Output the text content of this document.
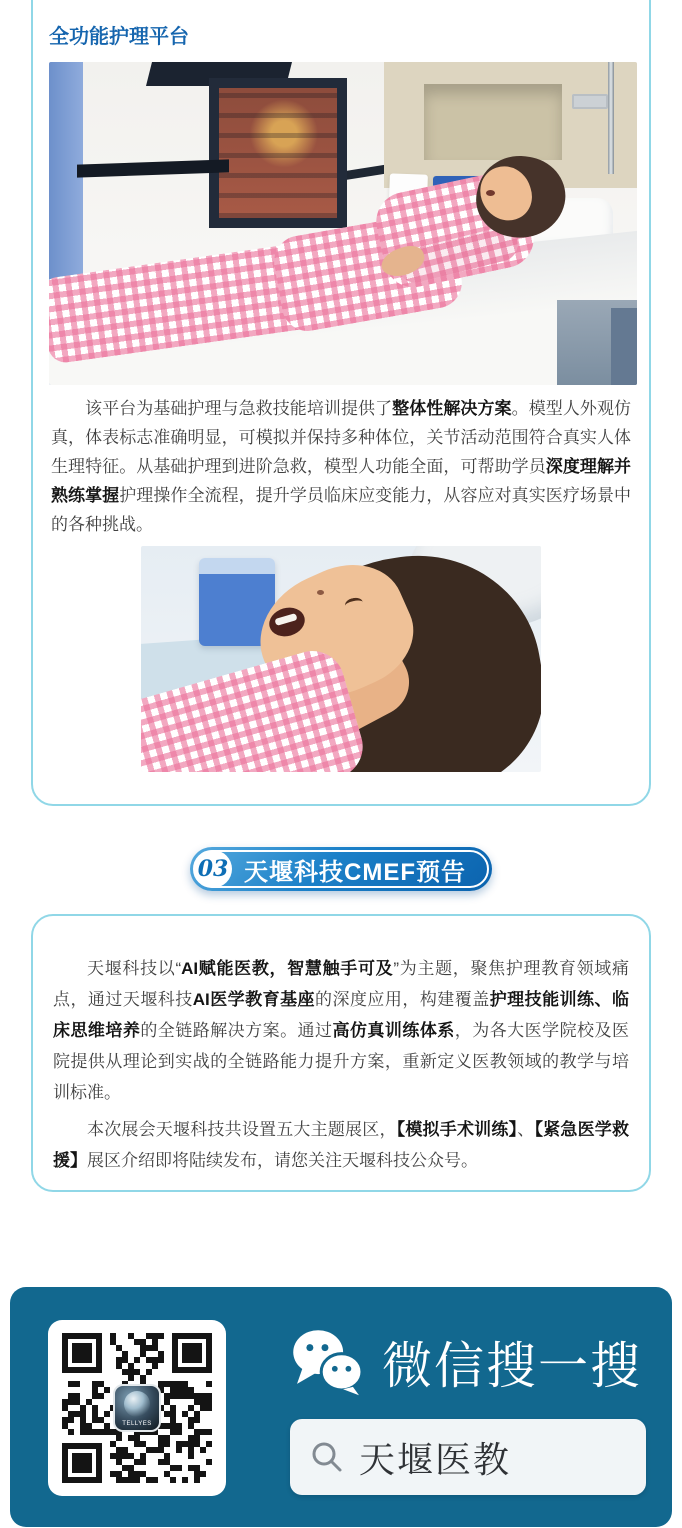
全功能护理平台

该平台为基础护理与急救技能培训提供了整体性解决方案。模型人外观仿真，体表标志准确明显，可模拟并保持多种体位，关节活动范围符合真实人体生理特征。从基础护理到进阶急救，模型人功能全面，可帮助学员深度理解并熟练掌握护理操作全流程，提升学员临床应变能力，从容应对真实医疗场景中的各种挑战。

03 天堰科技CMEF预告

天堰科技以“AI赋能医教，智慧触手可及”为主题，聚焦护理教育领域痛点，通过天堰科技AI医学教育基座的深度应用，构建覆盖护理技能训练、临床思维培养的全链路解决方案。通过高仿真训练体系，为各大医学院校及医院提供从理论到实战的全链路能力提升方案，重新定义医教领域的教学与培训标准。

本次展会天堰科技共设置五大主题展区，【模拟手术训练】、【紧急医学救援】展区介绍即将陆续发布，请您关注天堰科技公众号。

TELLYES
微信搜一搜
天堰医教
